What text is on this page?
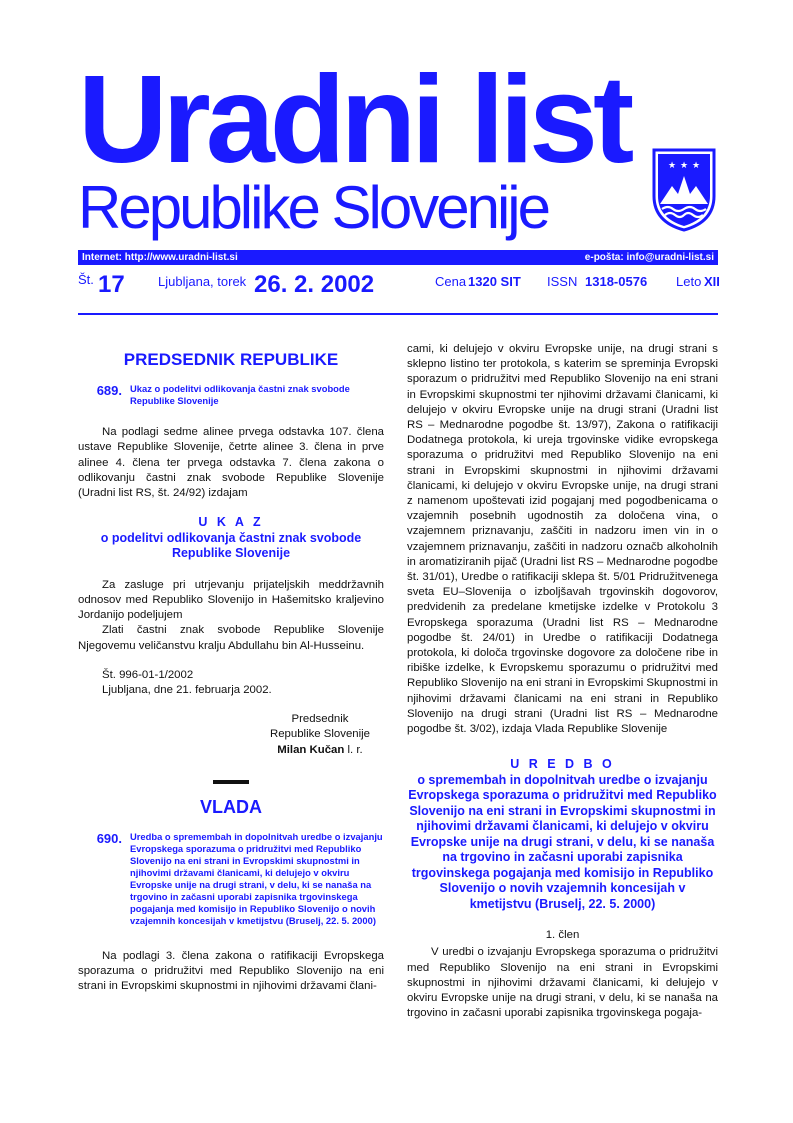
Uradni list
Republike Slovenije
★ ★ ★
Internet: http://www.uradni-list.si	e-pošta: info@uradni-list.si
Št. 17	Ljubljana, torek 26. 2. 2002	Cena 1320 SIT ISSN 1318-0576 Leto XII
PREDSEDNIK REPUBLIKE
689. Ukaz o podelitvi odlikovanja častni znak svobode Republike Slovenije

Na podlagi sedme alinee prvega odstavka 107. člena ustave Republike Slovenije, četrte alinee 3. člena in prve alinee 4. člena ter prvega odstavka 7. člena zakona o odlikovanju častni znak svobode Republike Slovenije (Uradni list RS, št. 24/92) izdajam

U K A Z
o podelitvi odlikovanja častni znak svobode Republike Slovenije

Za zasluge pri utrjevanju prijateljskih meddržavnih odnosov med Republiko Slovenijo in Hašemitsko kraljevino Jordanijo podeljujem

Zlati častni znak svobode Republike Slovenije Njegovemu veličanstvu kralju Abdullahu bin Al-Husseinu.

Št. 996-01-1/2002

Ljubljana, dne 21. februarja 2002.

Predsednik
Republike Slovenije
Milan Kučan l. r.
VLADA
690. Uredba o spremembah in dopolnitvah uredbe o izvajanju Evropskega sporazuma o pridružitvi med Republiko Slovenijo na eni strani in Evropskimi skupnostmi in njihovimi državami članicami, ki delujejo v okviru Evropske unije na drugi strani, v delu, ki se nanaša na trgovino in začasni uporabi zapisnika trgovinskega pogajanja med komisijo in Republiko Slovenijo o novih vzajemnih koncesijah v kmetijstvu (Bruselj, 22. 5. 2000)

Na podlagi 3. člena zakona o ratifikaciji Evropskega sporazuma o pridružitvi med Republiko Slovenijo na eni strani in Evropskimi skupnostmi in njihovimi državami člani-

cami, ki delujejo v okviru Evropske unije, na drugi strani s sklepno listino ter protokola, s katerim se spreminja Evropski sporazum o pridružitvi med Republiko Slovenijo na eni strani in Evropskimi skupnostmi ter njihovimi državami članicami, ki delujejo v okviru Evropske unije na drugi strani (Uradni list RS – Mednarodne pogodbe št. 13/97), Zakona o ratifikaciji Dodatnega protokola, ki ureja trgovinske vidike evropskega sporazuma o pridružitvi med Republiko Slovenijo na eni strani in Evropskimi skupnostmi in njihovimi državami članicami, ki delujejo v okviru Evropske unije, na drugi strani z namenom upoštevati izid pogajanj med pogodbenicama o vzajemnih posebnih ugodnostih za določena vina, o vzajemnem priznavanju, zaščiti in nadzoru imen vin in o vzajemnem priznavanju, zaščiti in nadzoru označb alkoholnih in aromatiziranih pijač (Uradni list RS – Mednarodne pogodbe št. 31/01), Uredbe o ratifikaciji sklepa št. 5/01 Pridružitvenega sveta EU–Slovenija o izboljšavah trgovinskih dogovorov, predvidenih za predelane kmetijske izdelke v Protokolu 3 Evropskega sporazuma (Uradni list RS – Mednarodne pogodbe št. 24/01) in Uredbe o ratifikaciji Dodatnega protokola, ki določa trgovinske dogovore za določene ribe in ribiške izdelke, k Evropskemu sporazumu o pridružitvi med Republiko Slovenijo na eni strani in Evropskimi Skupnostmi in njihovimi državami članicami na eni strani in Republiko Slovenijo na drugi strani (Uradni list RS – Mednarodne pogodbe št. 3/02), izdaja Vlada Republike Slovenije

U R E D B O
o spremembah in dopolnitvah uredbe o izvajanju Evropskega sporazuma o pridružitvi med Republiko Slovenijo na eni strani in Evropskimi skupnostmi in njihovimi državami članicami, ki delujejo v okviru Evropske unije na drugi strani, v delu, ki se nanaša na trgovino in začasni uporabi zapisnika trgovinskega pogajanja med komisijo in Republiko Slovenijo o novih vzajemnih koncesijah v kmetijstvu (Bruselj, 22. 5. 2000)
1. člen

V uredbi o izvajanju Evropskega sporazuma o pridružitvi med Republiko Slovenijo na eni strani in Evropskimi skupnostmi in njihovimi državami članicami, ki delujejo v okviru Evropske unije na drugi strani, v delu, ki se nanaša na trgovino in začasni uporabi zapisnika trgovinskega pogaja-
